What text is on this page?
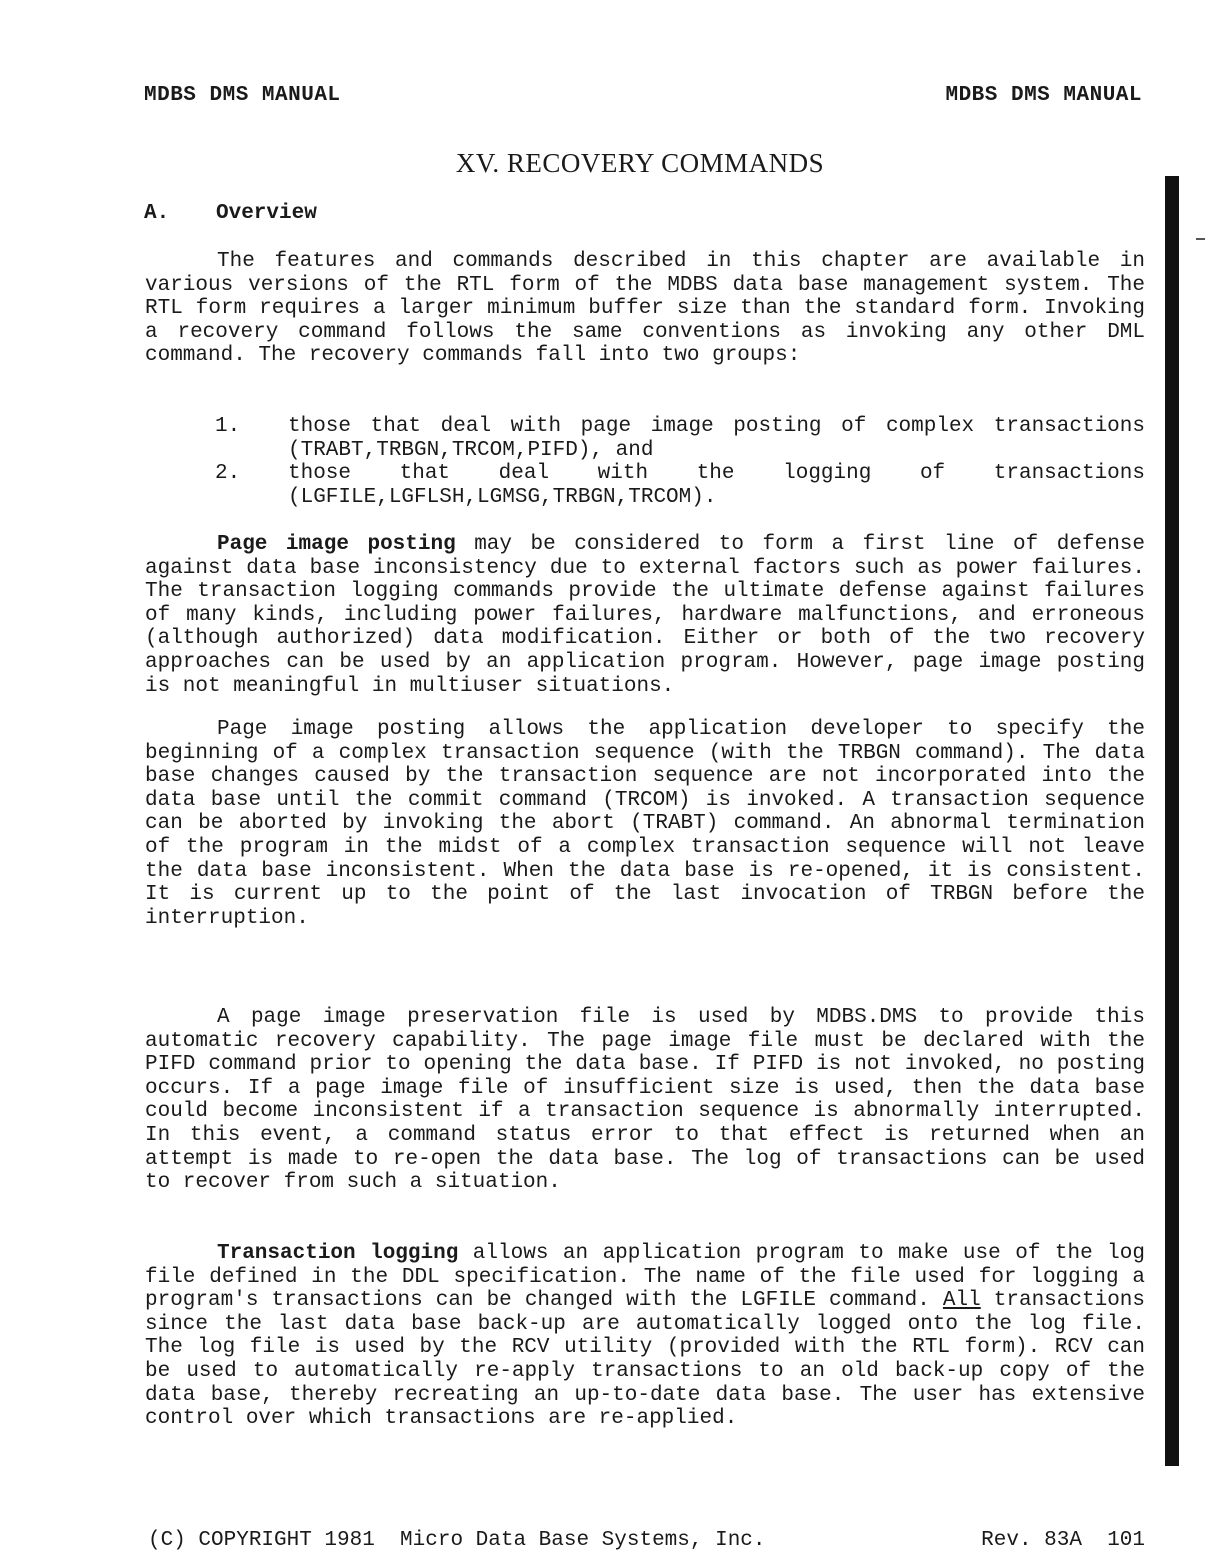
MDBS DMS MANUAL	MDBS DMS MANUAL
XV. RECOVERY COMMANDS
A. Overview

The features and commands described in this chapter are available in various versions of the RTL form of the MDBS data base management system. The RTL form requires a larger minimum buffer size than the standard form. Invoking a recovery command follows the same conventions as invoking any other DML command. The recovery commands fall into two groups:

1.	those that deal with page image posting of complex transactions (TRABT,TRBGN,TRCOM,PIFD), and
2.	those that deal with the logging of transactions (LGFILE,LGFLSH,LGMSG,TRBGN,TRCOM).

Page image posting may be considered to form a first line of defense against data base inconsistency due to external factors such as power failures. The transaction logging commands provide the ultimate defense against failures of many kinds, including power failures, hardware malfunctions, and erroneous (although authorized) data modification. Either or both of the two recovery approaches can be used by an application program. However, page image posting is not meaningful in multiuser situations.

Page image posting allows the application developer to specify the beginning of a complex transaction sequence (with the TRBGN command). The data base changes caused by the transaction sequence are not incorporated into the data base until the commit command (TRCOM) is invoked. A transaction sequence can be aborted by invoking the abort (TRABT) command. An abnormal termination of the program in the midst of a complex transaction sequence will not leave the data base inconsistent. When the data base is re-opened, it is consistent. It is current up to the point of the last invocation of TRBGN before the interruption.

A page image preservation file is used by MDBS.DMS to provide this automatic recovery capability. The page image file must be declared with the PIFD command prior to opening the data base. If PIFD is not invoked, no posting occurs. If a page image file of insufficient size is used, then the data base could become inconsistent if a transaction sequence is abnormally interrupted. In this event, a command status error to that effect is returned when an attempt is made to re-open the data base. The log of transactions can be used to recover from such a situation.

Transaction logging allows an application program to make use of the log file defined in the DDL specification. The name of the file used for logging a program's transactions can be changed with the LGFILE command. All transactions since the last data base back-up are automatically logged onto the log file. The log file is used by the RCV utility (provided with the RTL form). RCV can be used to automatically re-apply transactions to an old back-up copy of the data base, thereby recreating an up-to-date data base. The user has extensive control over which transactions are re-applied.

(C) COPYRIGHT 1981  Micro Data Base Systems, Inc.	Rev. 83A  101
